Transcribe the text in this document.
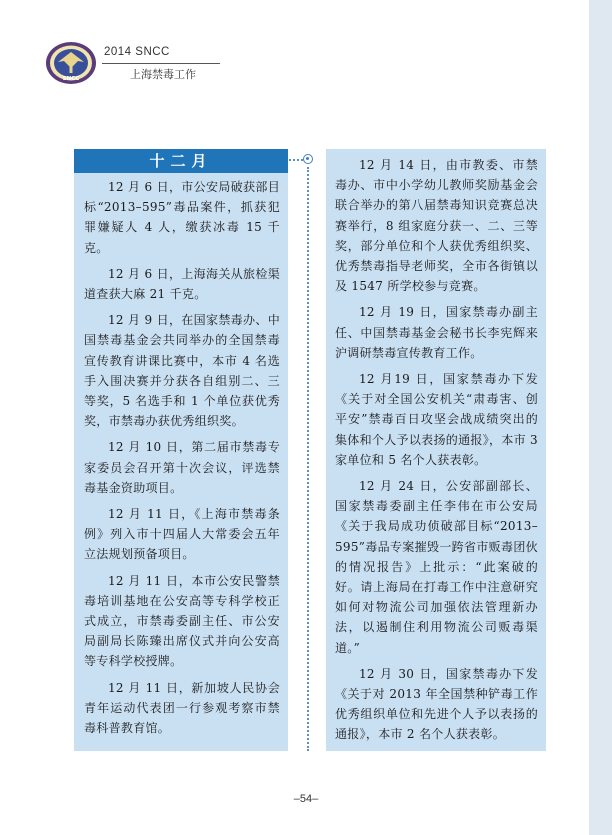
SNCC
2014 SNCC
上海禁毒工作

12 月 6 日，市公安局破获部目标“2013–595”毒品案件，抓获犯罪嫌疑人 4 人，缴获冰毒 15 千克。

12 月 6 日，上海海关从旅检渠道查获大麻 21 千克。

12 月 9 日，在国家禁毒办、中国禁毒基金会共同举办的全国禁毒宣传教育讲课比赛中，本市 4 名选手入围决赛并分获各自组别二、三等奖，5 名选手和 1 个单位获优秀奖，市禁毒办获优秀组织奖。

12 月 10 日，第二届市禁毒专家委员会召开第十次会议，评选禁毒基金资助项目。

12 月 11 日，《上海市禁毒条例》列入市十四届人大常委会五年立法规划预备项目。

12 月 11 日，本市公安民警禁毒培训基地在公安高等专科学校正式成立，市禁毒委副主任、市公安局副局长陈臻出席仪式并向公安高等专科学校授牌。

12 月 11 日，新加坡人民协会青年运动代表团一行参观考察市禁毒科普教育馆。

十二月	12 月 14 日，由市教委、市禁毒办、市中小学幼儿教师奖励基金会联合举办的第八届禁毒知识竞赛总决赛举行，8 组家庭分获一、二、三等奖，部分单位和个人获优秀组织奖、优秀禁毒指导老师奖，全市各街镇以及 1547 所学校参与竞赛。

12 月 19 日，国家禁毒办副主任、中国禁毒基金会秘书长李宪辉来沪调研禁毒宣传教育工作。

12 月19 日，国家禁毒办下发《关于对全国公安机关“肃毒害、创平安”禁毒百日攻坚会战成绩突出的集体和个人予以表扬的通报》，本市 3 家单位和 5 名个人获表彰。

12 月 24 日，公安部副部长、国家禁毒委副主任李伟在市公安局《关于我局成功侦破部目标“2013–595”毒品专案摧毁一跨省市贩毒团伙的情况报告》上批示：“此案破的好。请上海局在打毒工作中注意研究如何对物流公司加强依法管理新办法，以遏制住利用物流公司贩毒渠道。”

12 月 30 日，国家禁毒办下发《关于对 2013 年全国禁种铲毒工作优秀组织单位和先进个人予以表扬的通报》，本市 2 名个人获表彰。

–54–
